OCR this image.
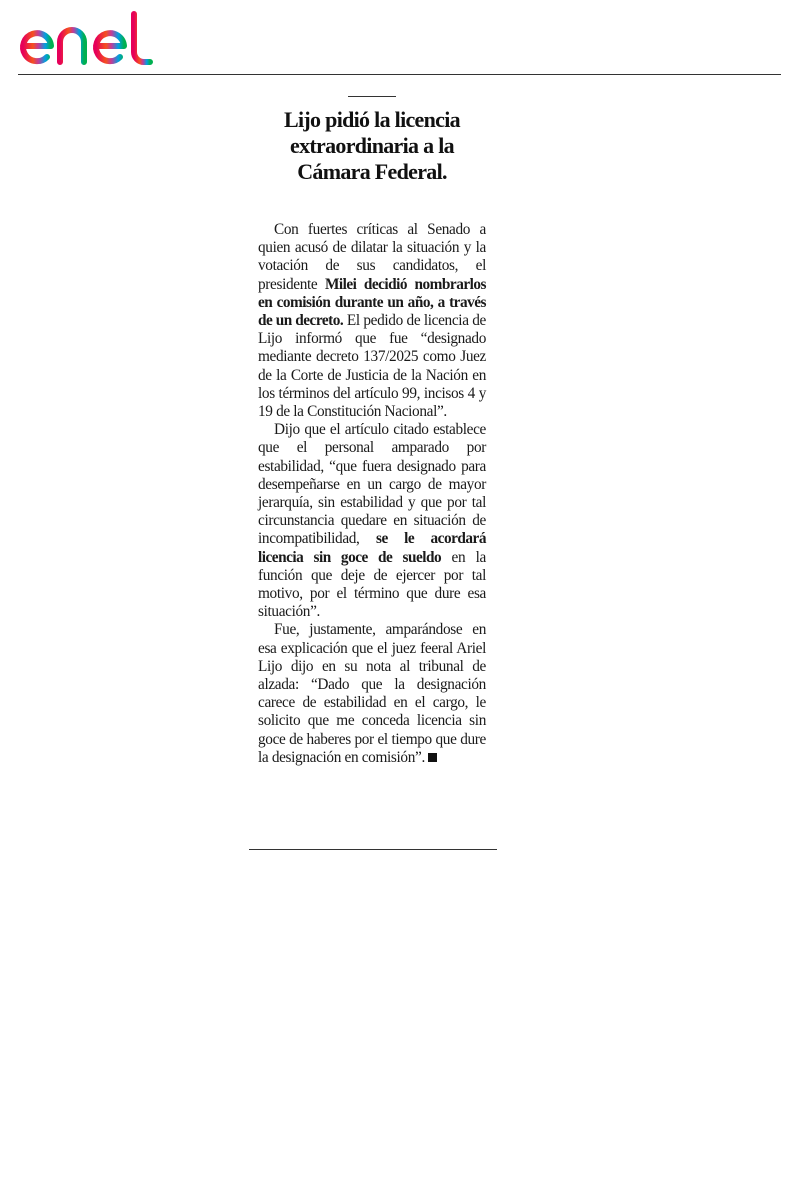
Lijo pidió la licencia extraordinaria a la Cámara Federal.

Con fuertes críticas al Senado a quien acusó de dilatar la situación y la votación de sus candidatos, el presidente Milei decidió nombrarlos en comisión durante un año, a través de un decreto. El pedido de licencia de Lijo informó que fue “designado mediante decreto 137/2025 como Juez de la Corte de Justicia de la Nación en los términos del artículo 99, incisos 4 y 19 de la Constitución Nacional”.

Dijo que el artículo citado establece que el personal amparado por estabilidad, “que fuera designado para desempeñarse en un cargo de mayor jerarquía, sin estabilidad y que por tal circunstancia quedare en situación de incompatibilidad, se le acordará licencia sin goce de sueldo en la función que deje de ejercer por tal motivo, por el término que dure esa situación”.

Fue, justamente, amparándose en esa explicación que el juez feeral Ariel Lijo dijo en su nota al tribunal de alzada: “Dado que la designación carece de estabilidad en el cargo, le solicito que me conceda licencia sin goce de haberes por el tiempo que dure la designación en comisión”.
